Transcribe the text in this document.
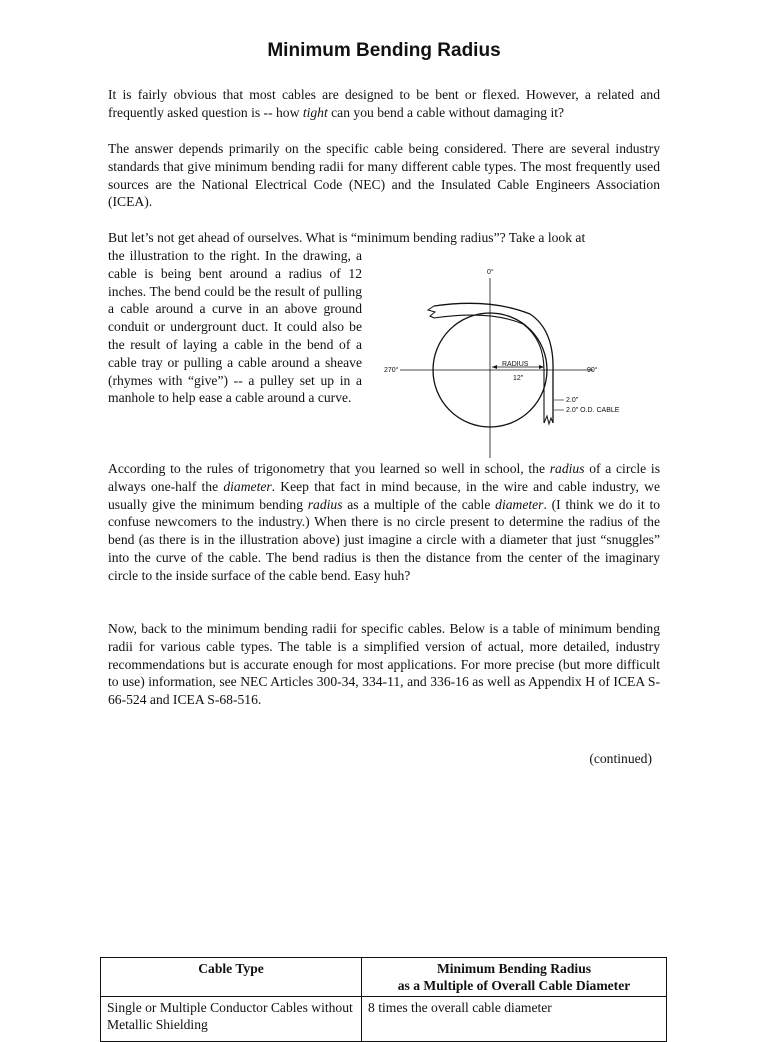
Minimum Bending Radius

It is fairly obvious that most cables are designed to be bent or flexed. However, a related and frequently asked question is -- how tight can you bend a cable without damaging it?

The answer depends primarily on the specific cable being considered. There are several industry standards that give minimum bending radii for many different cable types. The most frequently used sources are the National Electrical Code (NEC) and the Insulated Cable Engineers Association (ICEA).

But let’s not get ahead of ourselves. What is “minimum bending radius”? Take a look at

the illustration to the right. In the drawing, a cable is being bent around a radius of 12 inches. The bend could be the result of pulling a cable around a curve in an above ground conduit or undergrount duct. It could also be the result of laying a cable in the bend of a cable tray or pulling a cable around a sheave (rhymes with “give”) -- a pulley set up in a manhole to help ease a cable around a curve.

0°
270°	90°
RADIUS
12"
2.0"
2.0" O.D. CABLE

According to the rules of trigonometry that you learned so well in school, the radius of a circle is always one-half the diameter. Keep that fact in mind because, in the wire and cable industry, we usually give the minimum bending radius as a multiple of the cable diameter. (I think we do it to confuse newcomers to the industry.) When there is no circle present to determine the radius of the bend (as there is in the illustration above) just imagine a circle with a diameter that just “snuggles” into the curve of the cable. The bend radius is then the distance from the center of the imaginary circle to the inside surface of the cable bend. Easy huh?

Now, back to the minimum bending radii for specific cables. Below is a table of minimum bending radii for various cable types. The table is a simplified version of actual, more detailed, industry recommendations but is accurate enough for most applications. For more precise (but more difficult to use) information, see NEC Articles 300-34, 334-11, and 336-16 as well as Appendix H of ICEA S-66-524 and ICEA S-68-516.

(continued)
Cable Type	Minimum Bending Radius
as a Multiple of Overall Cable Diameter
Single or Multiple Conductor Cables without Metallic Shielding	8 times the overall cable diameter
